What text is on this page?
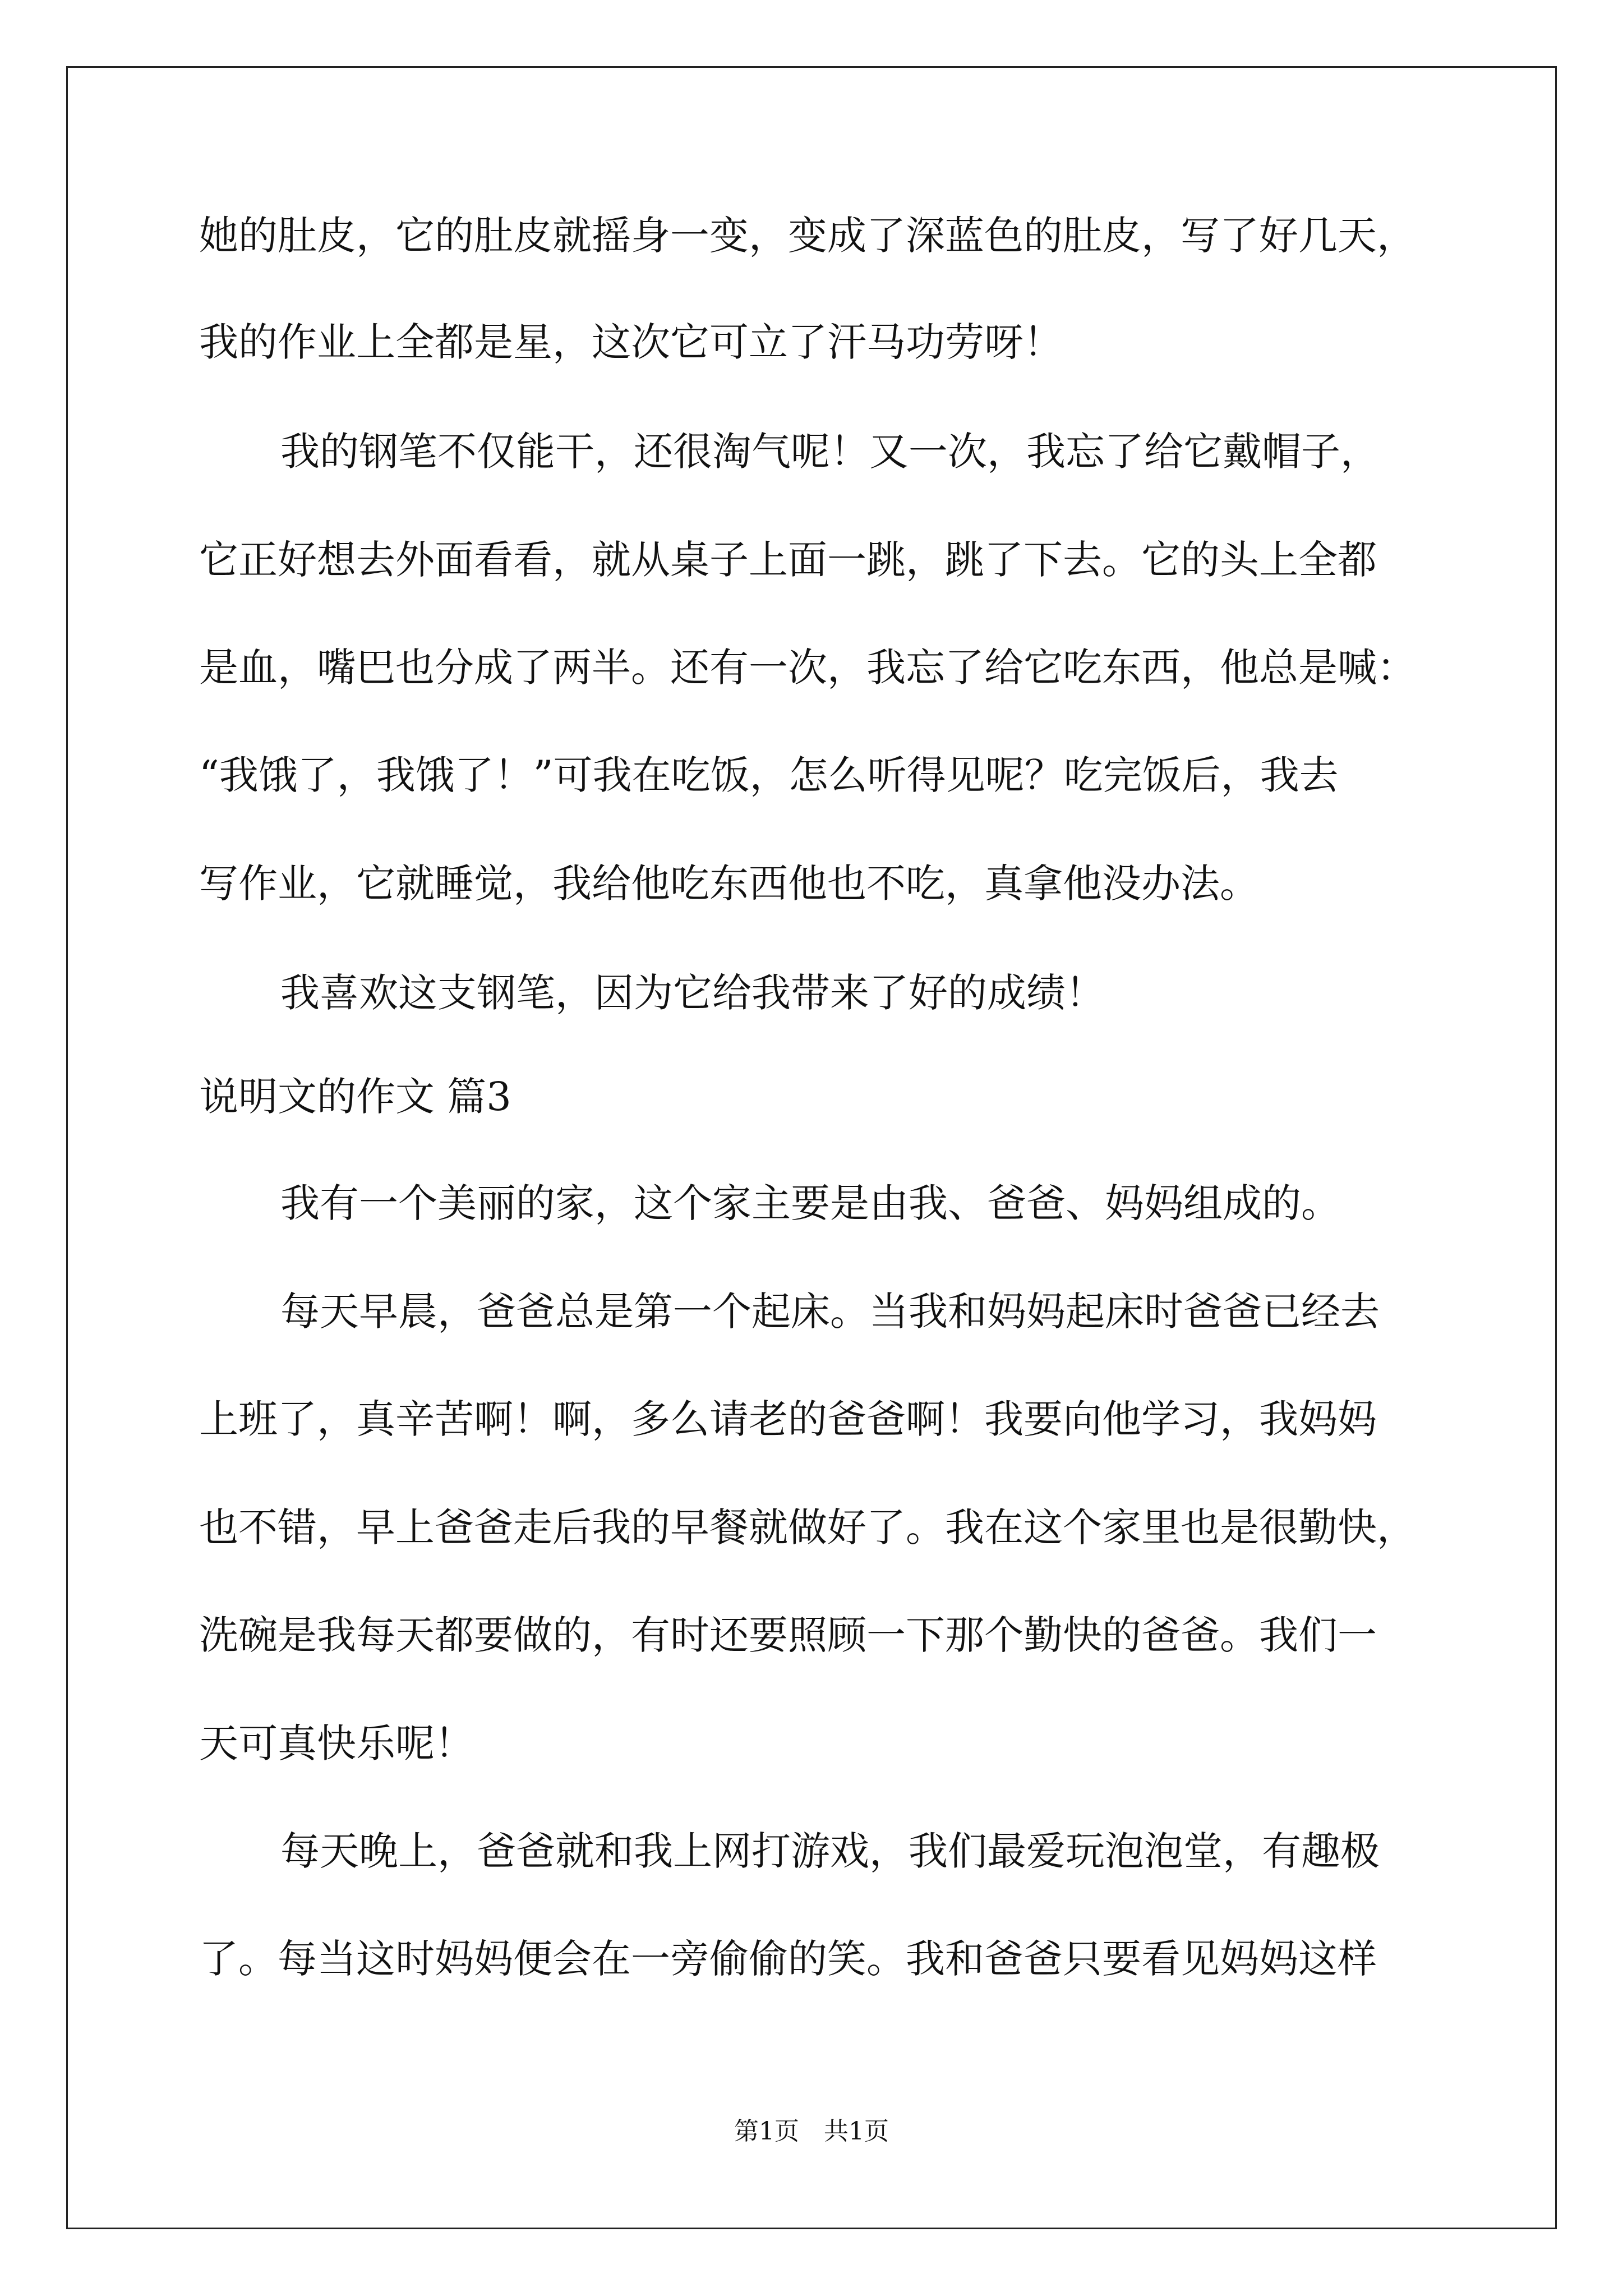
她的肚皮，它的肚皮就摇身一变，变成了深蓝色的肚皮，写了好几天，
我的作业上全都是星，这次它可立了汗马功劳呀！
我的钢笔不仅能干，还很淘气呢！又一次，我忘了给它戴帽子，
它正好想去外面看看，就从桌子上面一跳，跳了下去。它的头上全都
是血，嘴巴也分成了两半。还有一次，我忘了给它吃东西，他总是喊：
“我饿了，我饿了！”可我在吃饭，怎么听得见呢？吃完饭后，我去
写作业，它就睡觉，我给他吃东西他也不吃，真拿他没办法。
我喜欢这支钢笔，因为它给我带来了好的成绩！
说明文的作文 篇3
我有一个美丽的家，这个家主要是由我、爸爸、妈妈组成的。
每天早晨，爸爸总是第一个起床。当我和妈妈起床时爸爸已经去
上班了，真辛苦啊！啊，多么请老的爸爸啊！我要向他学习，我妈妈
也不错，早上爸爸走后我的早餐就做好了。我在这个家里也是很勤快，
洗碗是我每天都要做的，有时还要照顾一下那个勤快的爸爸。我们一
天可真快乐呢！
每天晚上，爸爸就和我上网打游戏，我们最爱玩泡泡堂，有趣极
了。每当这时妈妈便会在一旁偷偷的笑。我和爸爸只要看见妈妈这样
第1页　共1页
